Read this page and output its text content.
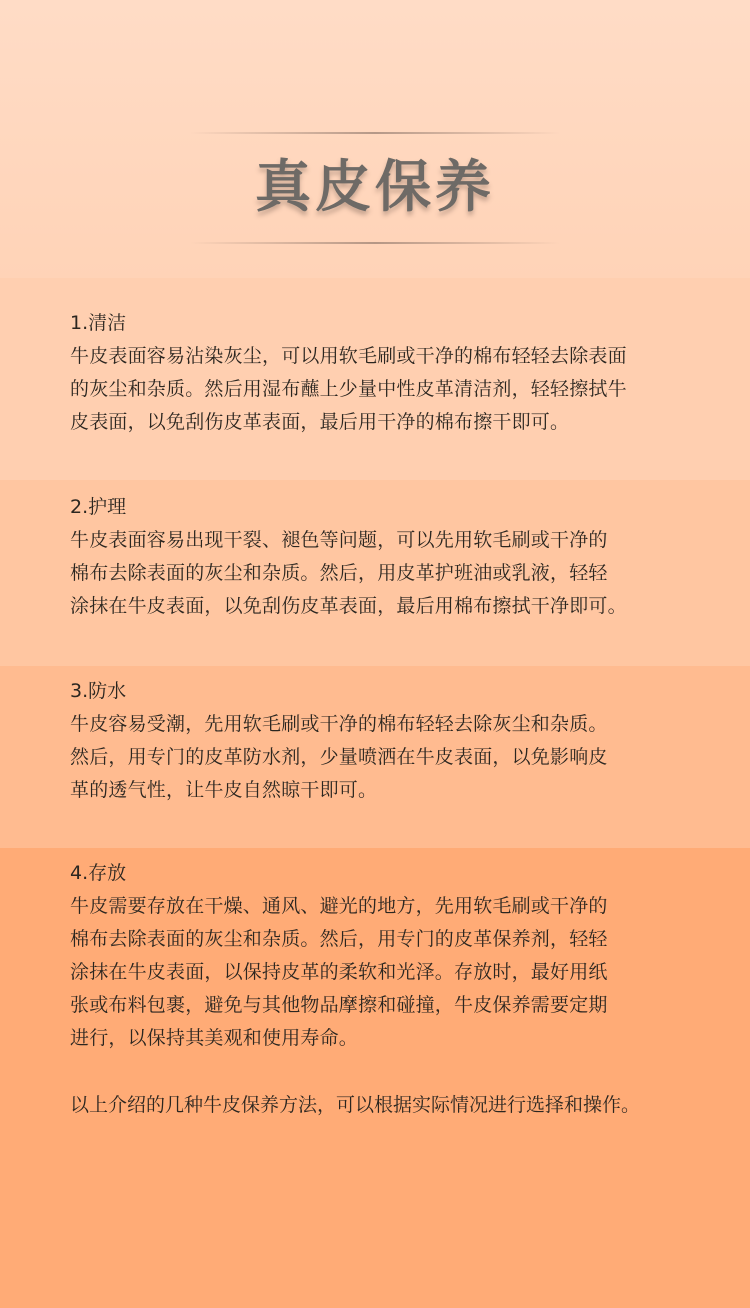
真皮保养
1.清洁
牛皮表面容易沾染灰尘，可以用软毛刷或干净的棉布轻轻去除表面
的灰尘和杂质。然后用湿布蘸上少量中性皮革清洁剂，轻轻擦拭牛
皮表面，以免刮伤皮革表面，最后用干净的棉布擦干即可。
2.护理
牛皮表面容易出现干裂、褪色等问题，可以先用软毛刷或干净的
棉布去除表面的灰尘和杂质。然后，用皮革护班油或乳液，轻轻
涂抹在牛皮表面，以免刮伤皮革表面，最后用棉布擦拭干净即可。
3.防水
牛皮容易受潮，先用软毛刷或干净的棉布轻轻去除灰尘和杂质。
然后，用专门的皮革防水剂，少量喷洒在牛皮表面，以免影响皮
革的透气性，让牛皮自然晾干即可。
4.存放
牛皮需要存放在干燥、通风、避光的地方，先用软毛刷或干净的
棉布去除表面的灰尘和杂质。然后，用专门的皮革保养剂，轻轻
涂抹在牛皮表面，以保持皮革的柔软和光泽。存放时，最好用纸
张或布料包裹，避免与其他物品摩擦和碰撞，牛皮保养需要定期
进行，以保持其美观和使用寿命。
以上介绍的几种牛皮保养方法，可以根据实际情况进行选择和操作。
